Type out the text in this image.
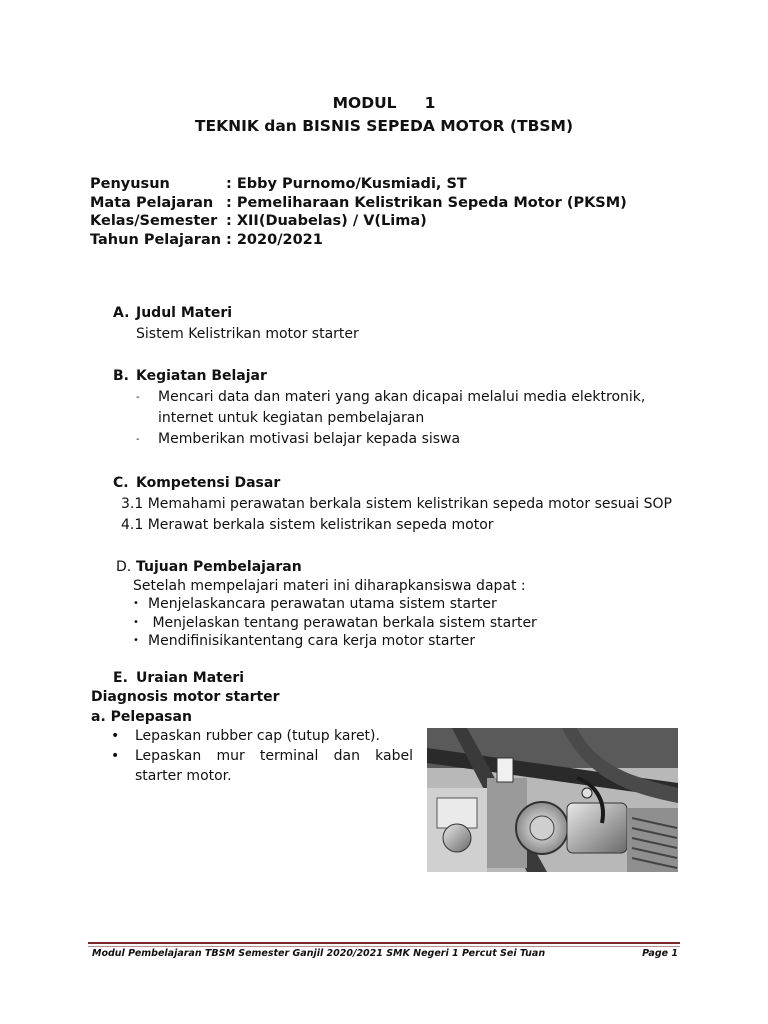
MODUL 1
TEKNIK dan BISNIS SEPEDA MOTOR (TBSM)
Penyusun	: Ebby Purnomo/Kusmiadi, ST
Mata Pelajaran : Pemeliharaan Kelistrikan Sepeda Motor (PKSM)
Kelas/Semester : XII(Duabelas) / V(Lima)
Tahun Pelajaran : 2020/2021
A. Judul Materi
Sistem Kelistrikan motor starter
B. Kegiatan Belajar
-	Mencari data dan materi yang akan dicapai melalui media elektronik, internet untuk kegiatan pembelajaran
-	Memberikan motivasi belajar kepada siswa
C. Kompetensi Dasar
3.1 Memahami perawatan berkala sistem kelistrikan sepeda motor sesuai SOP
4.1 Merawat berkala sistem kelistrikan sepeda motor
D. Tujuan Pembelajaran
Setelah mempelajari materi ini diharapkansiswa dapat :
• Menjelaskancara perawatan utama sistem starter
• Menjelaskan tentang perawatan berkala sistem starter
• Mendifinisikantentang cara kerja motor starter
E. Uraian Materi
Diagnosis motor starter
a. Pelepasan
•	Lepaskan rubber cap (tutup karet).
•	Lepaskan mur terminal dan kabel starter motor.
Modul Pembelajaran TBSM Semester Ganjil 2020/2021 SMK Negeri 1 Percut Sei Tuan	Page 1
